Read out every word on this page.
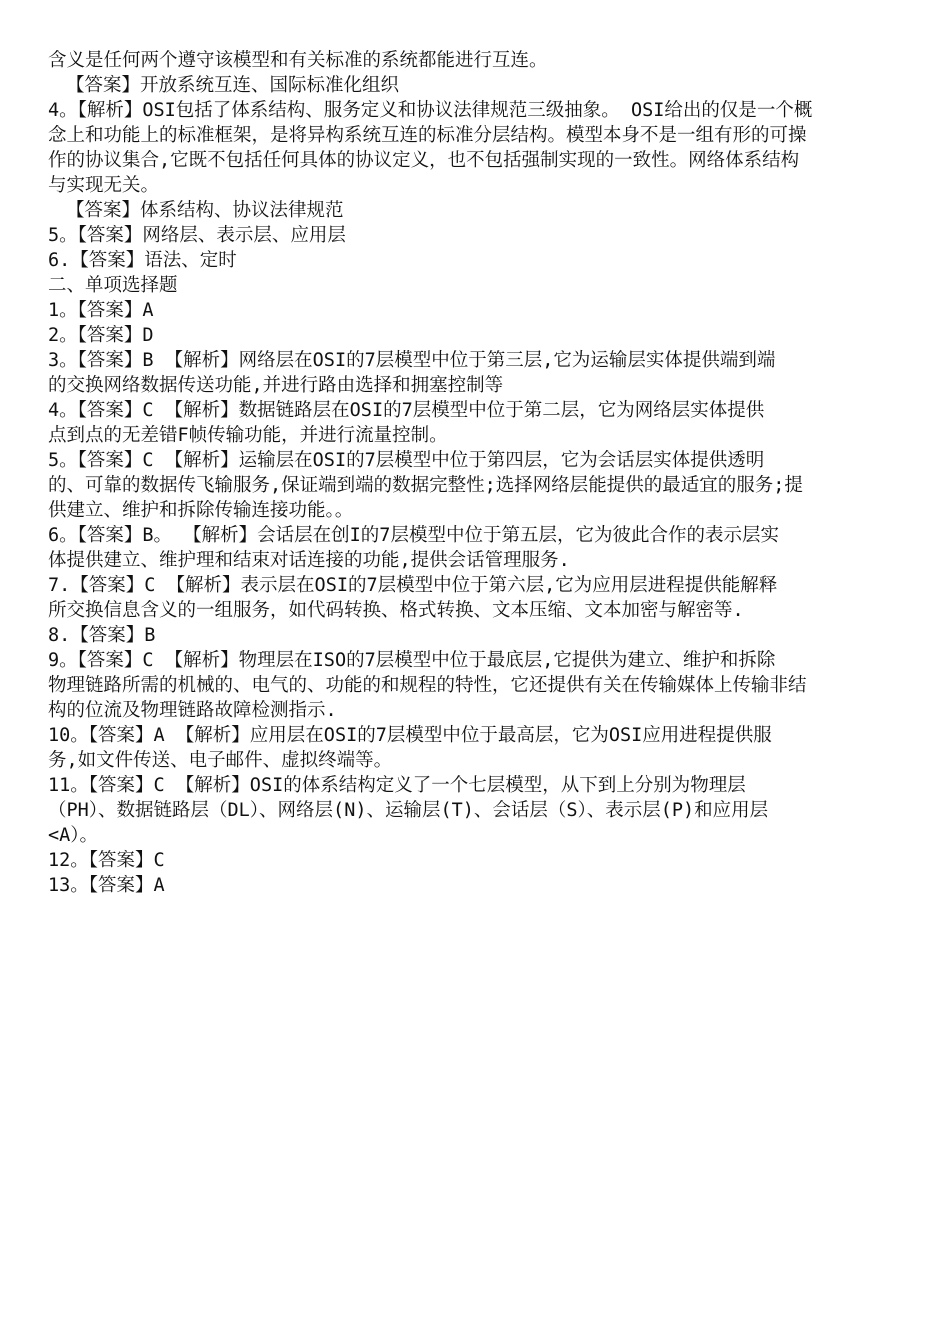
含义是任何两个遵守该模型和有关标准的系统都能进行互连。
【答案】开放系统互连、国际标准化组织
4。【解析】OSI包括了体系结构、服务定义和协议法律规范三级抽象。 OSI给出的仅是一个概
念上和功能上的标准框架，是将异构系统互连的标准分层结构。模型本身不是一组有形的可操
作的协议集合,它既不包括任何具体的协议定义，也不包括强制实现的一致性。网络体系结构
与实现无关。
【答案】体系结构、协议法律规范
5。【答案】网络层、表示层、应用层
6.【答案】语法、定时
二、单项选择题
1。【答案】A
2。【答案】D
3。【答案】B 【解析】网络层在OSI的7层模型中位于第三层,它为运输层实体提供端到端
的交换网络数据传送功能,并进行路由选择和拥塞控制等
4。【答案】C 【解析】数据链路层在OSI的7层模型中位于第二层，它为网络层实体提供
点到点的无差错F帧传输功能，并进行流量控制。
5。【答案】C 【解析】运输层在OSI的7层模型中位于第四层，它为会话层实体提供透明
的、可靠的数据传飞输服务,保证端到端的数据完整性;选择网络层能提供的最适宜的服务;提
供建立、维护和拆除传输连接功能。。
6。【答案】B。 【解析】会话层在创I的7层模型中位于第五层，它为彼此合作的表示层实
体提供建立、维护理和结束对话连接的功能,提供会话管理服务.
7.【答案】C 【解析】表示层在OSI的7层模型中位于第六层,它为应用层进程提供能解释
所交换信息含义的一组服务，如代码转换、格式转换、文本压缩、文本加密与解密等.
8.【答案】B
9。【答案】C 【解析】物理层在ISO的7层模型中位于最底层,它提供为建立、维护和拆除
物理链路所需的机械的、电气的、功能的和规程的特性，它还提供有关在传输媒体上传输非结
构的位流及物理链路故障检测指示.
10。【答案】A 【解析】应用层在OSI的7层模型中位于最高层，它为OSI应用进程提供服
务,如文件传送、电子邮件、虚拟终端等。
11。【答案】C 【解析】OSI的体系结构定义了一个七层模型，从下到上分别为物理层
（PH）、数据链路层（DL）、网络层(N)、运输层(T)、会话层（S）、表示层(P)和应用层
<A）。
12。【答案】C
13。【答案】A
